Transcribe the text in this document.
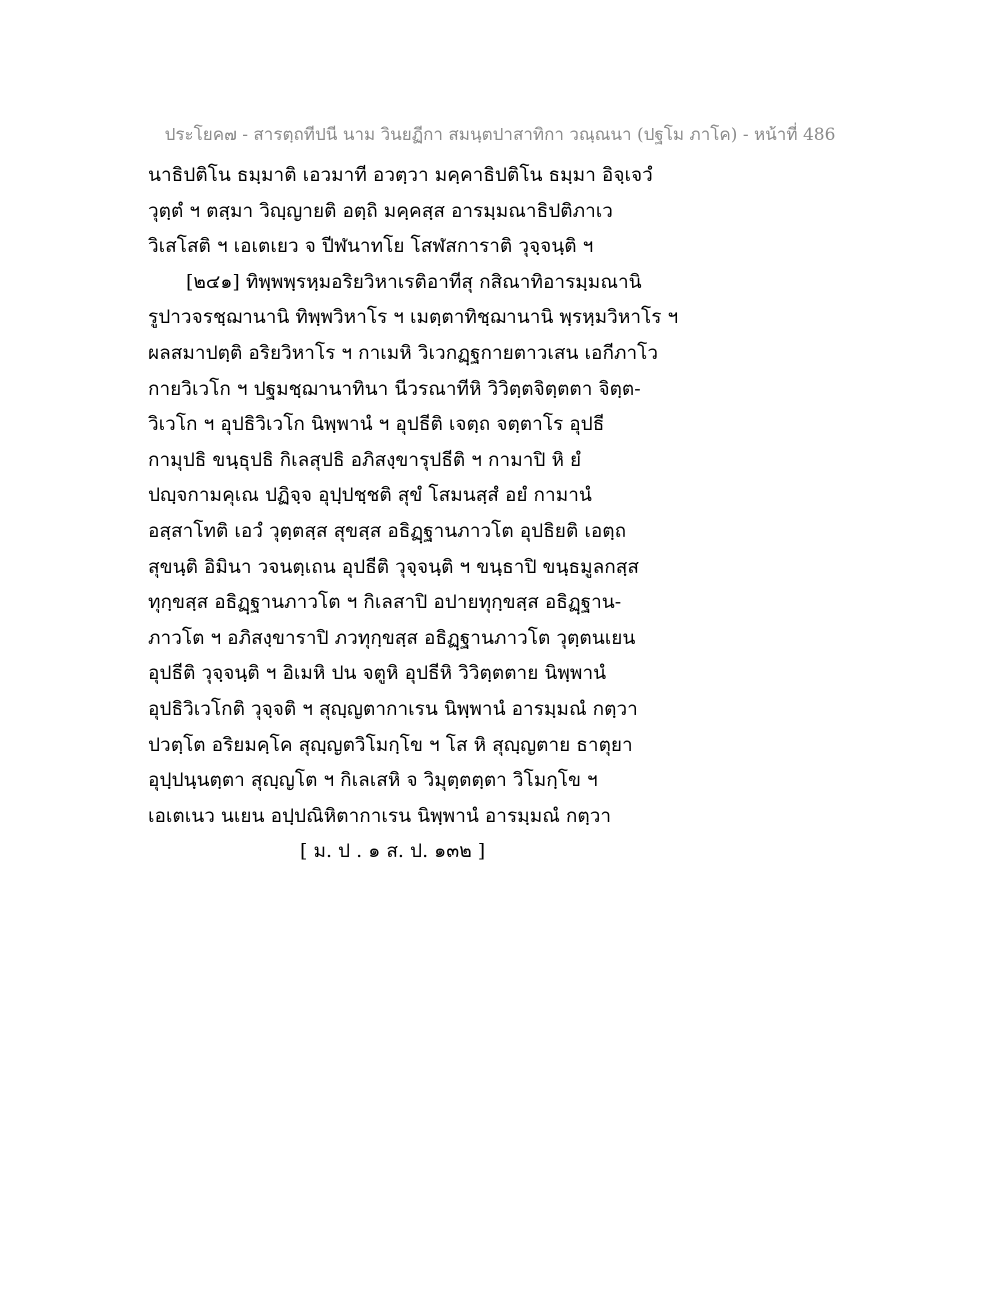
ประโยค๗ - สารตฺถทีปนี นาม วินยฏีกา สมนฺตปาสาทิกา วณฺณนา (ปฐโม ภาโค) - หน้าที่ 486
นาธิปติโน ธมฺมาติ เอวมาที อวตฺวา มคฺคาธิปติโน ธมฺมา อิจฺเจวํ
วุตฺตํ ฯ ตสฺมา วิญฺญายติ อตฺถิ มคฺคสฺส อารมฺมณาธิปติภาเว
วิเสโสติ ฯ เอเตเยว จ ปีฬนาทโย โสฬสการาติ วุจฺจนฺติ ฯ
[๒๔๑] ทิพฺพพฺรหฺมอริยวิหาเรติอาทีสุ กสิณาทิอารมฺมณานิ
รูปาวจรชฺฌานานิ ทิพฺพวิหาโร ฯ เมตฺตาทิชฺฌานานิ พฺรหฺมวิหาโร ฯ
ผลสมาปตฺติ อริยวิหาโร ฯ กาเมหิ วิเวกฏฺฐกายตาวเสน เอกีภาโว
กายวิเวโก ฯ ปฐมชฺฌานาทินา นีวรณาทีหิ วิวิตฺตจิตฺตตา จิตฺต-
วิเวโก ฯ อุปธิวิเวโก นิพฺพานํ ฯ อุปธีติ เจตฺถ จตฺตาโร อุปธี
กามุปธิ ขนฺธุปธิ กิเลสุปธิ อภิสงฺขารุปธีติ ฯ กามาปิ หิ ยํ
ปญฺจกามคุเณ ปฏิจฺจ อุปฺปชฺชติ สุขํ โสมนสฺสํ อยํ กามานํ
อสฺสาโทติ เอวํ วุตฺตสฺส สุขสฺส อธิฏฺฐานภาวโต อุปธิยติ เอตฺถ
สุขนฺติ อิมินา วจนตฺเถน อุปธีติ วุจฺจนฺติ ฯ ขนฺธาปิ ขนฺธมูลกสฺส
ทุกฺขสฺส อธิฏฺฐานภาวโต ฯ กิเลสาปิ อปายทุกฺขสฺส อธิฏฺฐาน-
ภาวโต ฯ อภิสงฺขาราปิ ภวทุกฺขสฺส อธิฏฺฐานภาวโต วุตฺตนเยน
อุปธีติ วุจฺจนฺติ ฯ อิเมหิ ปน จตูหิ อุปธีหิ วิวิตฺตตาย นิพฺพานํ
อุปธิวิเวโกติ วุจฺจติ ฯ สุญฺญตากาเรน นิพฺพานํ อารมฺมณํ กตฺวา
ปวตฺโต อริยมคฺโค สุญฺญตวิโมกฺโข ฯ โส หิ สุญฺญตาย ธาตุยา
อุปฺปนฺนตฺตา สุญฺญโต ฯ กิเลเสหิ จ วิมุตฺตตฺตา วิโมกฺโข ฯ
เอเตเนว นเยน อปฺปณิหิตากาเรน นิพฺพานํ อารมฺมณํ กตฺวา
[ ม. ป . ๑ ส. ป. ๑๓๒ ]
